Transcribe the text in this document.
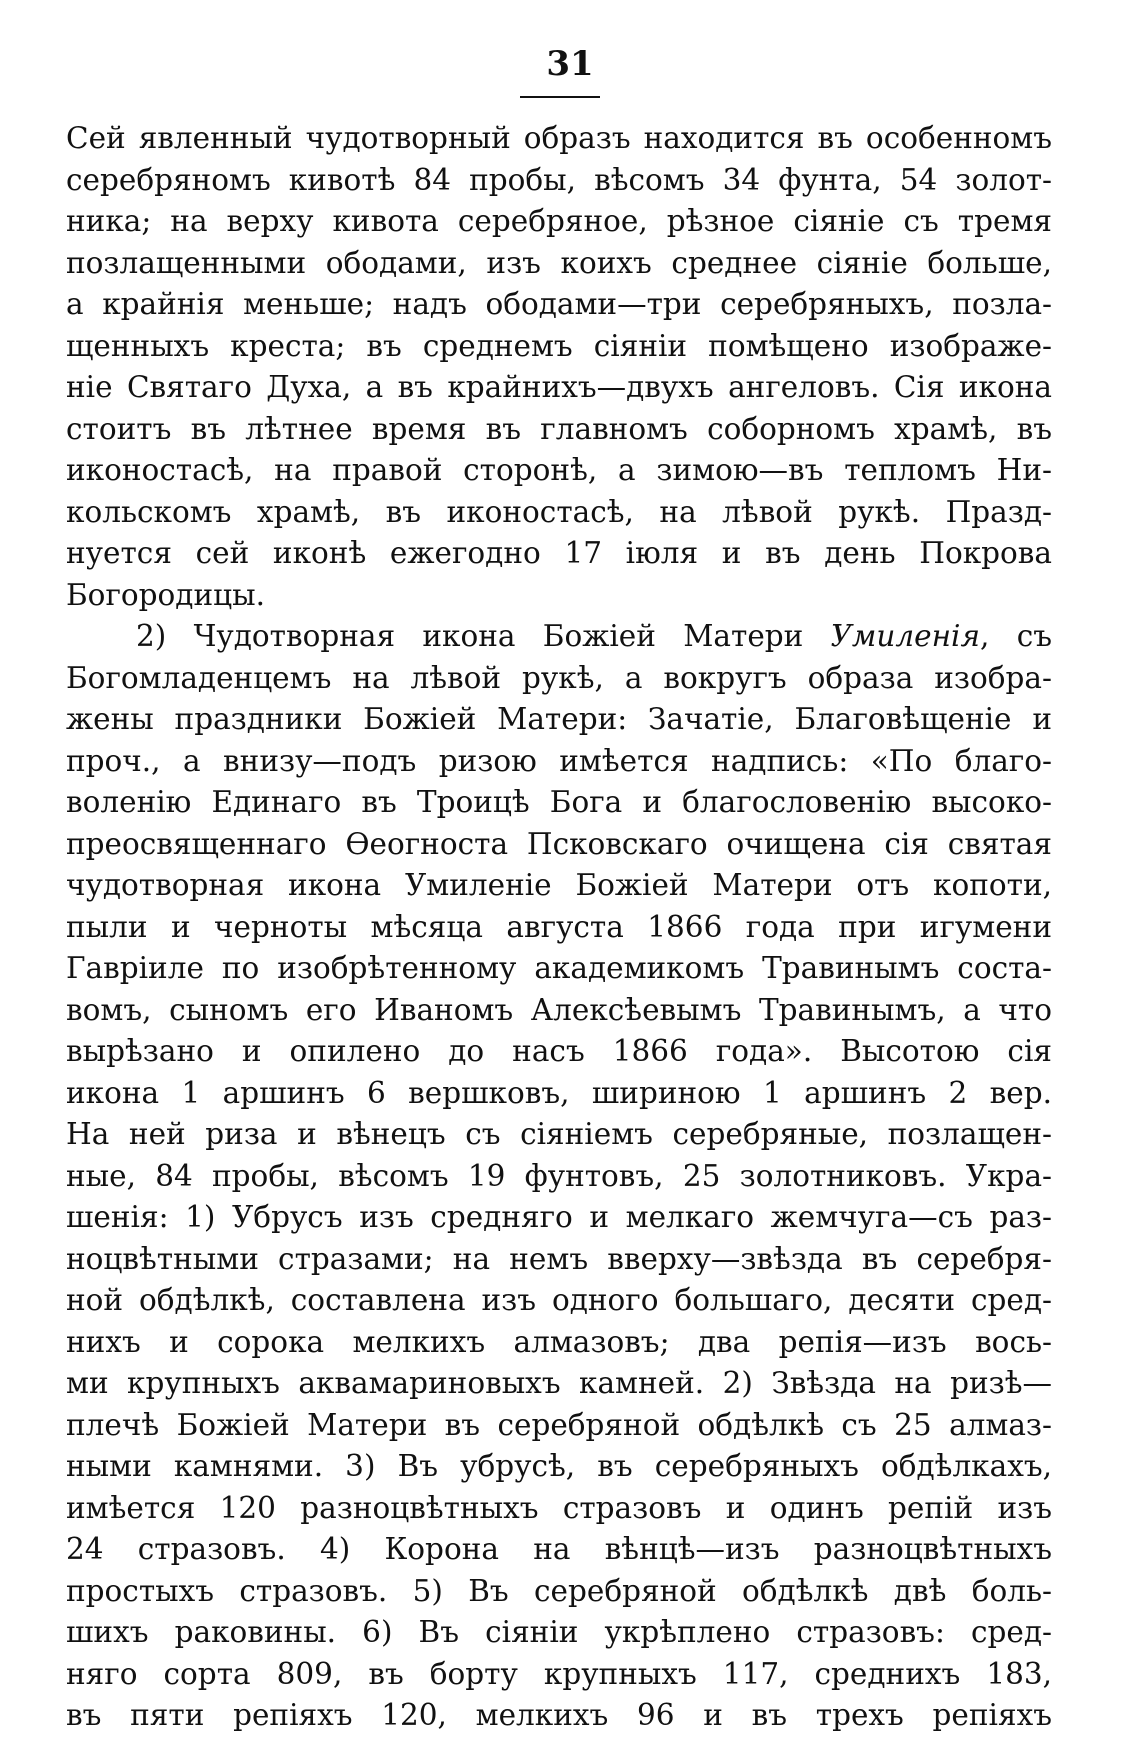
31
Сей явленный чудотворный образъ находится въ особенномъ
серебряномъ кивотѣ 84 пробы, вѣсомъ 34 фунта, 54 золот-
ника; на верху кивота серебряное, рѣзное сіяніе съ тремя
позлащенными ободами, изъ коихъ среднее сіяніе больше,
а крайнія меньше; надъ ободами—три серебряныхъ, позла-
щенныхъ креста; въ среднемъ сіяніи помѣщено изображе-
ніе Святаго Духа, а въ крайнихъ—двухъ ангеловъ. Сія икона
стоитъ въ лѣтнее время въ главномъ соборномъ храмѣ, въ
иконостасѣ, на правой сторонѣ, а зимою—въ тепломъ Ни-
кольскомъ храмѣ, въ иконостасѣ, на лѣвой рукѣ. Празд-
нуется сей иконѣ ежегодно 17 іюля и въ день Покрова
Богородицы.
2) Чудотворная икона Божіей Матери Умиленія, съ
Богомладенцемъ на лѣвой рукѣ, а вокругъ образа изобра-
жены праздники Божіей Матери: Зачатіе, Благовѣщеніе и
проч., а внизу—подъ ризою имѣется надпись: «По благо-
воленію Единаго въ Троицѣ Бога и благословенію высоко-
преосвященнаго Ѳеогноста Псковскаго очищена сія святая
чудотворная икона Умиленіе Божіей Матери отъ копоти,
пыли и черноты мѣсяца августа 1866 года при игумени
Гавріиле по изобрѣтенному академикомъ Травинымъ соста-
вомъ, сыномъ его Иваномъ Алексѣевымъ Травинымъ, а что
вырѣзано и опилено до насъ 1866 года». Высотою сія
икона 1 аршинъ 6 вершковъ, шириною 1 аршинъ 2 вер.
На ней риза и вѣнецъ съ сіяніемъ серебряные, позлащен-
ные, 84 пробы, вѣсомъ 19 фунтовъ, 25 золотниковъ. Укра-
шенія: 1) Убрусъ изъ средняго и мелкаго жемчуга—съ раз-
ноцвѣтными стразами; на немъ вверху—звѣзда въ серебря-
ной обдѣлкѣ, составлена изъ одного большаго, десяти сред-
нихъ и сорока мелкихъ алмазовъ; два репія—изъ вось-
ми крупныхъ аквамариновыхъ камней. 2) Звѣзда на ризѣ—
плечѣ Божіей Матери въ серебряной обдѣлкѣ съ 25 алмаз-
ными камнями. 3) Въ убрусѣ, въ серебряныхъ обдѣлкахъ,
имѣется 120 разноцвѣтныхъ стразовъ и одинъ репій изъ
24 стразовъ. 4) Корона на вѣнцѣ—изъ разноцвѣтныхъ
простыхъ стразовъ. 5) Въ серебряной обдѣлкѣ двѣ боль-
шихъ раковины. 6) Въ сіяніи укрѣплено стразовъ: сред-
няго сорта 809, въ борту крупныхъ 117, среднихъ 183,
въ пяти репіяхъ 120, мелкихъ 96 и въ трехъ репіяхъ
